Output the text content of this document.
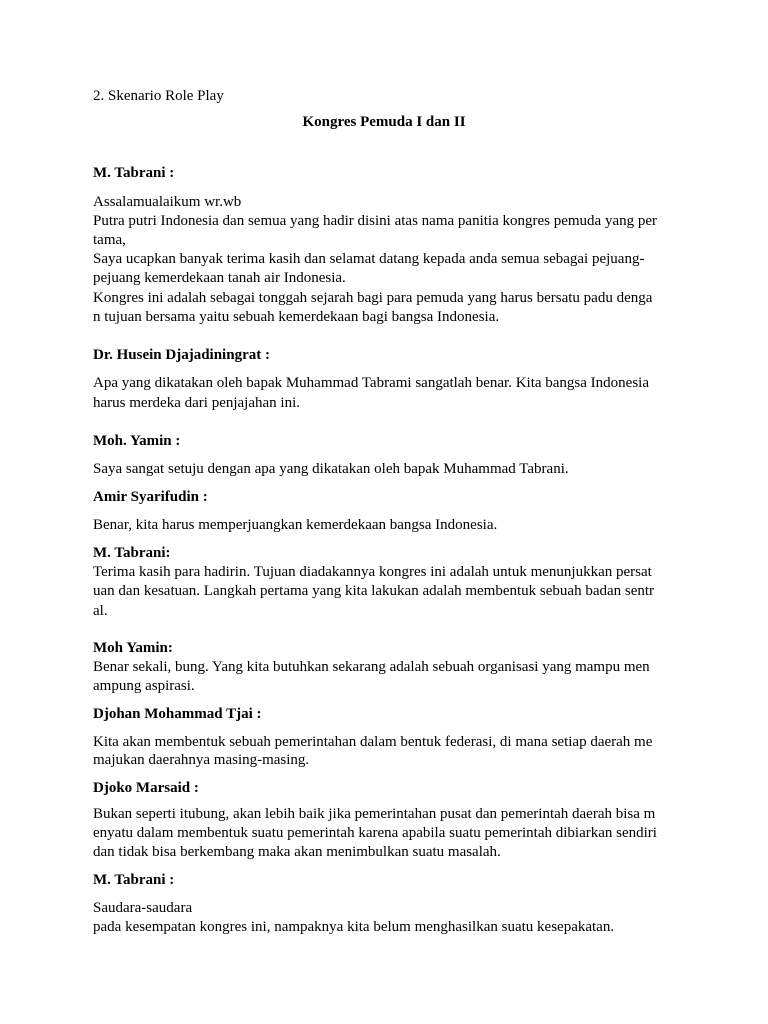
2. Skenario Role Play
Kongres Pemuda I dan II
M. Tabrani :
Assalamualaikum wr.wb
Putra putri Indonesia dan semua yang hadir disini atas nama panitia kongres pemuda yang per
tama,
Saya ucapkan banyak terima kasih dan selamat datang kepada anda semua sebagai pejuang-
pejuang kemerdekaan tanah air Indonesia.
Kongres ini adalah sebagai tonggah sejarah bagi para pemuda yang harus bersatu padu denga
n tujuan bersama yaitu sebuah kemerdekaan bagi bangsa Indonesia.
Dr. Husein Djajadiningrat :
Apa yang dikatakan oleh bapak Muhammad Tabrami sangatlah benar. Kita bangsa Indonesia
harus merdeka dari penjajahan ini.
Moh. Yamin :
Saya sangat setuju dengan apa yang dikatakan oleh bapak Muhammad Tabrani.
Amir Syarifudin :
Benar, kita harus memperjuangkan kemerdekaan bangsa Indonesia.
M. Tabrani:
Terima kasih para hadirin. Tujuan diadakannya kongres ini adalah untuk menunjukkan persat
uan dan kesatuan. Langkah pertama yang kita lakukan adalah membentuk sebuah badan sentr
al.
Moh Yamin:
Benar sekali, bung. Yang kita butuhkan sekarang adalah sebuah organisasi yang mampu men
ampung aspirasi.
Djohan Mohammad Tjai :
Kita akan membentuk sebuah pemerintahan dalam bentuk federasi, di mana setiap daerah me
majukan daerahnya masing-masing.
Djoko Marsaid :
Bukan seperti itubung, akan lebih baik jika pemerintahan pusat dan pemerintah daerah bisa m
enyatu dalam membentuk suatu pemerintah karena apabila suatu pemerintah dibiarkan sendiri
dan tidak bisa berkembang maka akan menimbulkan suatu masalah.
M. Tabrani :
Saudara-saudara
pada kesempatan kongres ini, nampaknya kita belum menghasilkan suatu kesepakatan.
